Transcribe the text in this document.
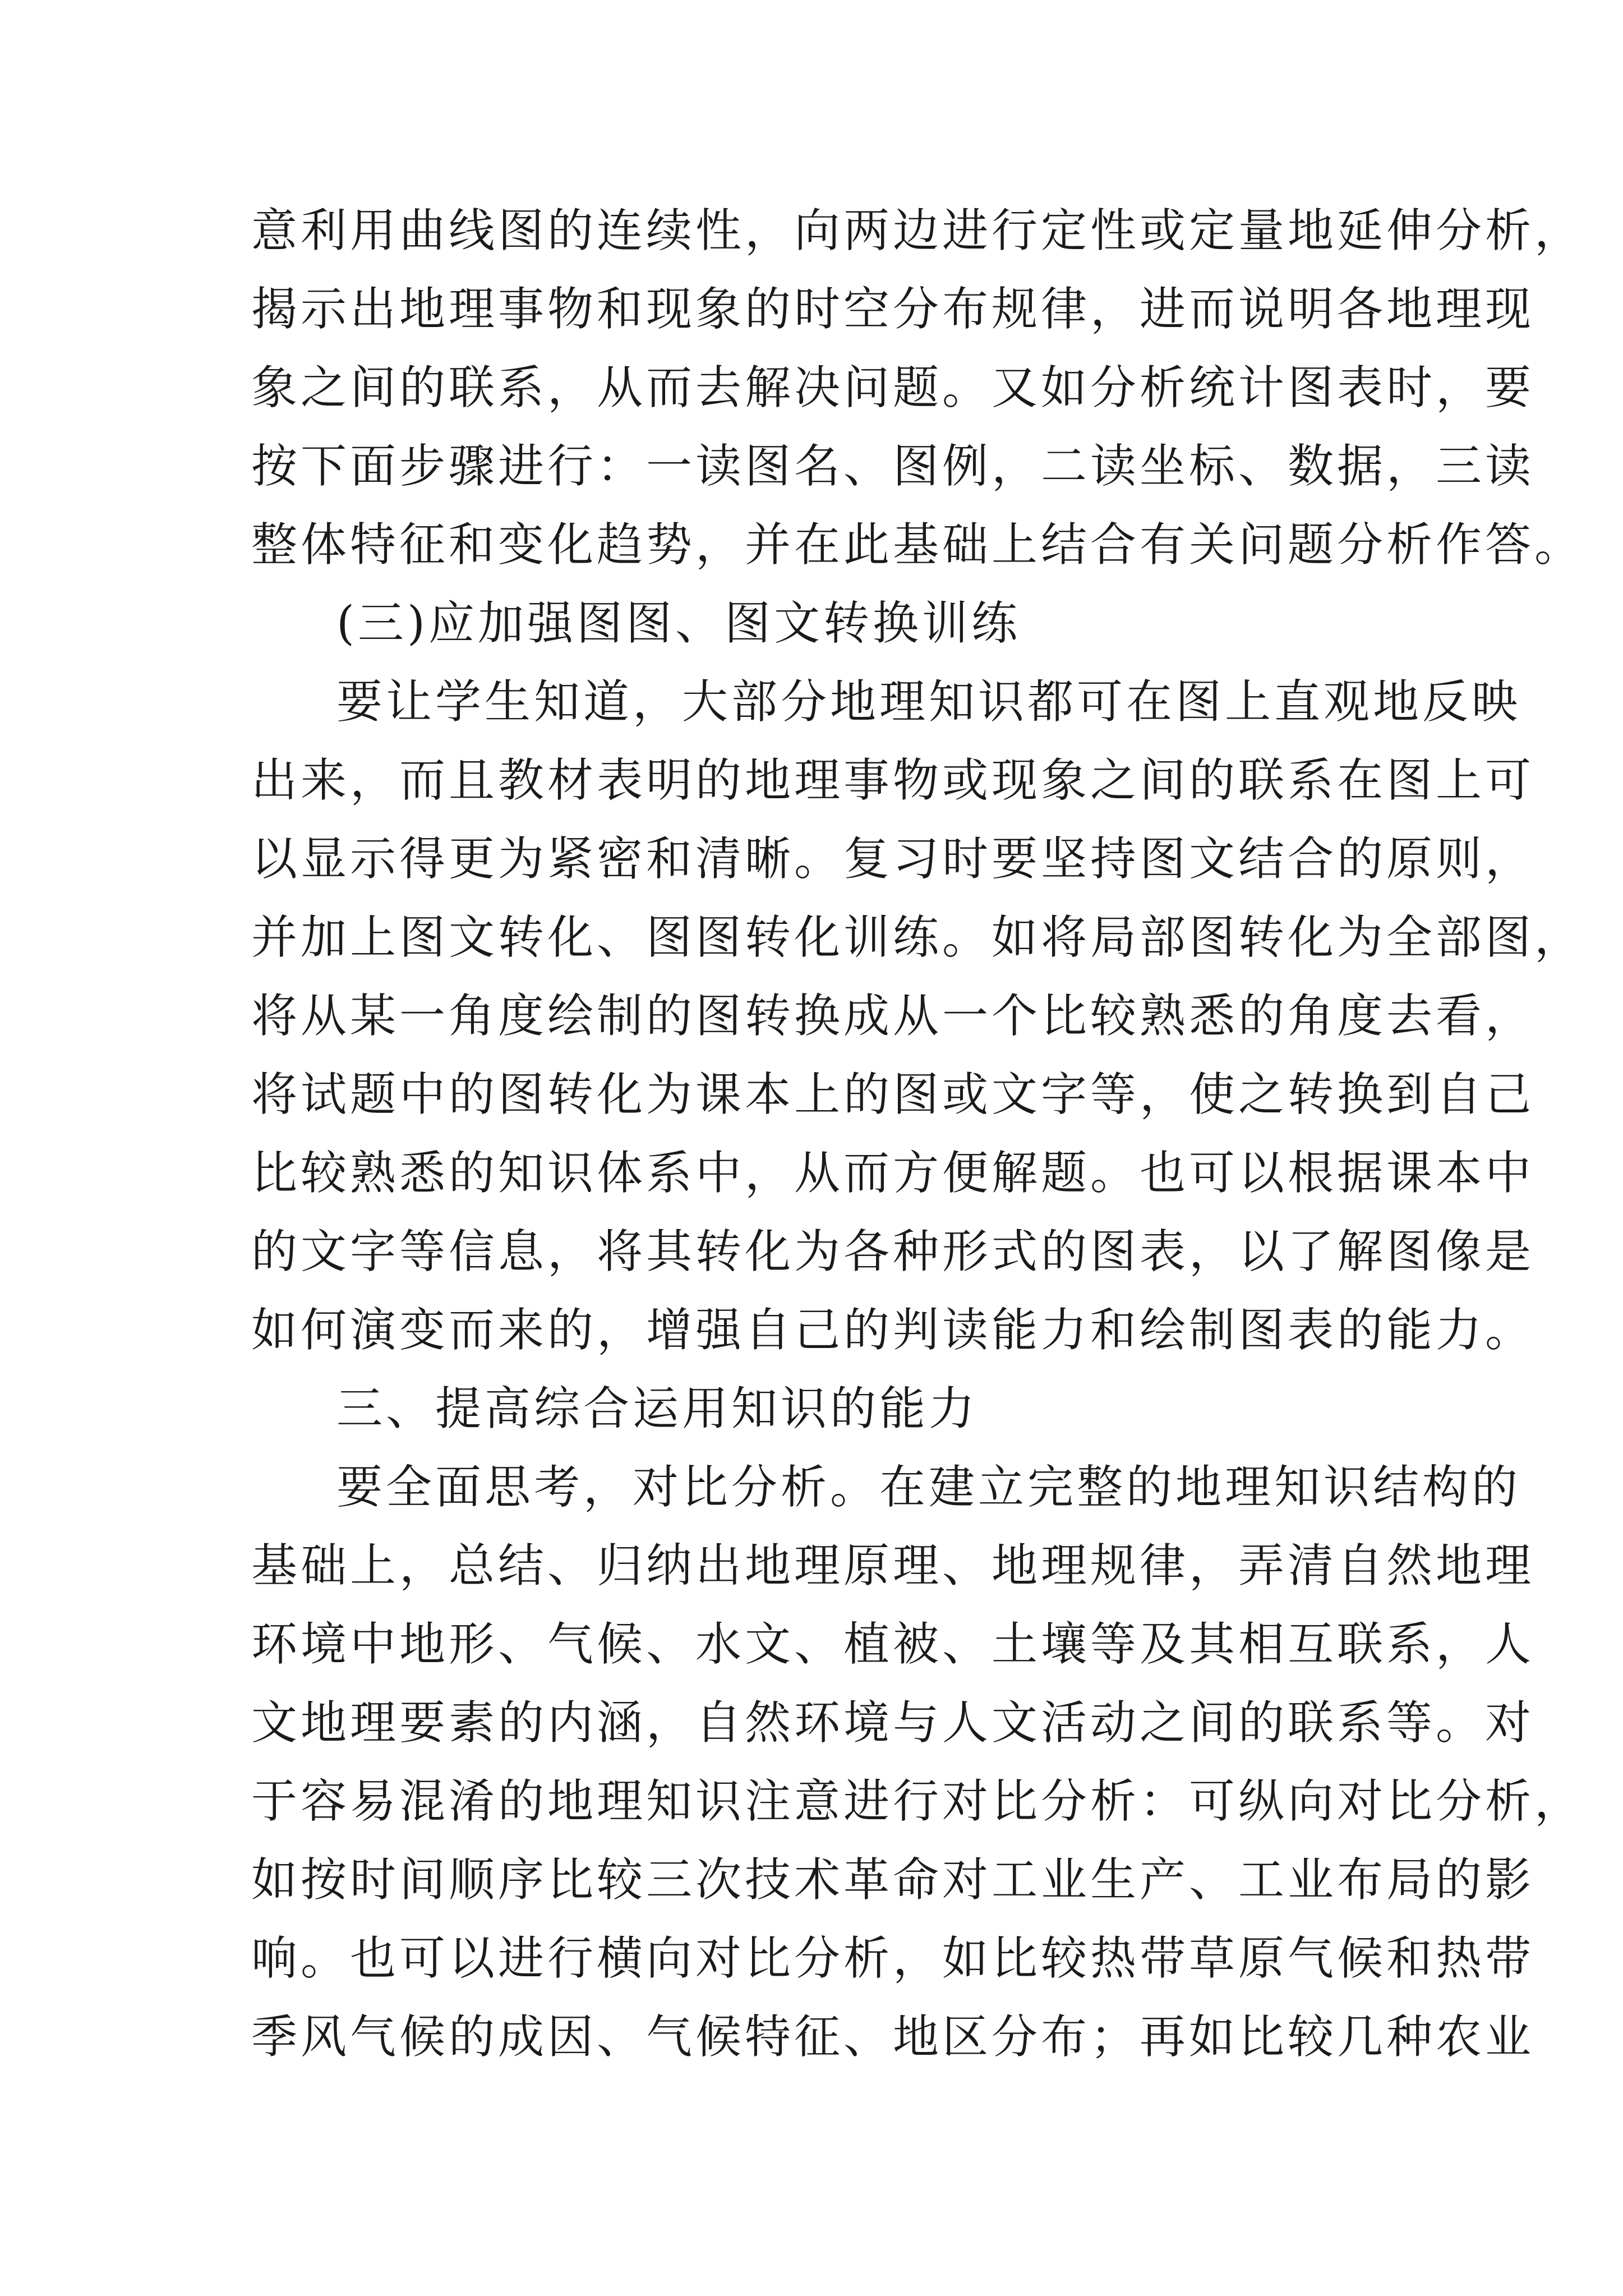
意利用曲线图的连续性，向两边进行定性或定量地延伸分析，
揭示出地理事物和现象的时空分布规律，进而说明各地理现
象之间的联系，从而去解决问题。又如分析统计图表时，要
按下面步骤进行：一读图名、图例，二读坐标、数据，三读
整体特征和变化趋势，并在此基础上结合有关问题分析作答。
(三)应加强图图、图文转换训练
要让学生知道，大部分地理知识都可在图上直观地反映
出来，而且教材表明的地理事物或现象之间的联系在图上可
以显示得更为紧密和清晰。复习时要坚持图文结合的原则，
并加上图文转化、图图转化训练。如将局部图转化为全部图，
将从某一角度绘制的图转换成从一个比较熟悉的角度去看，
将试题中的图转化为课本上的图或文字等，使之转换到自己
比较熟悉的知识体系中，从而方便解题。也可以根据课本中
的文字等信息，将其转化为各种形式的图表，以了解图像是
如何演变而来的，增强自己的判读能力和绘制图表的能力。
三、提高综合运用知识的能力
要全面思考，对比分析。在建立完整的地理知识结构的
基础上，总结、归纳出地理原理、地理规律，弄清自然地理
环境中地形、气候、水文、植被、土壤等及其相互联系，人
文地理要素的内涵，自然环境与人文活动之间的联系等。对
于容易混淆的地理知识注意进行对比分析：可纵向对比分析，
如按时间顺序比较三次技术革命对工业生产、工业布局的影
响。也可以进行横向对比分析，如比较热带草原气候和热带
季风气候的成因、气候特征、地区分布；再如比较几种农业
